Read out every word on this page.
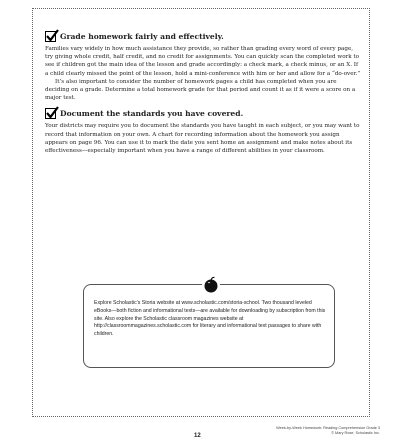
Grade homework fairly and effectively.

Families vary widely in how much assistance they provide, so rather than grading every word of every page, try giving whole credit, half credit, and no credit for assignments. You can quickly scan the completed work to see if children got the main idea of the lesson and grade accordingly: a check mark, a check minus, or an X. If a child clearly missed the point of the lesson, hold a mini-conference with him or her and allow for a “do-over.”

It’s also important to consider the number of homework pages a child has completed when you are deciding on a grade. Determine a total homework grade for that period and count it as if it were a score on a major test.

Document the standards you have covered.

Your districts may require you to document the standards you have taught in each subject, or you may want to record that information on your own. A chart for recording information about the homework you assign appears on page 96. You can use it to mark the date you sent home an assignment and make notes about its effectiveness—especially important when you have a range of different abilities in your classroom.

Explore Scholastic’s Storia website at www.scholastic.com/storia-school. Two thousand leveled eBooks—both fiction and informational texts—are available for downloading by subscription from this site. Also explore the Scholastic classroom magazines website at http://classroommagazines.scholastic.com for literary and informational text passages to share with children.
12
Week-by-Week Homework: Reading Comprehension Grade 3
© Mary Rose, Scholastic Inc.
